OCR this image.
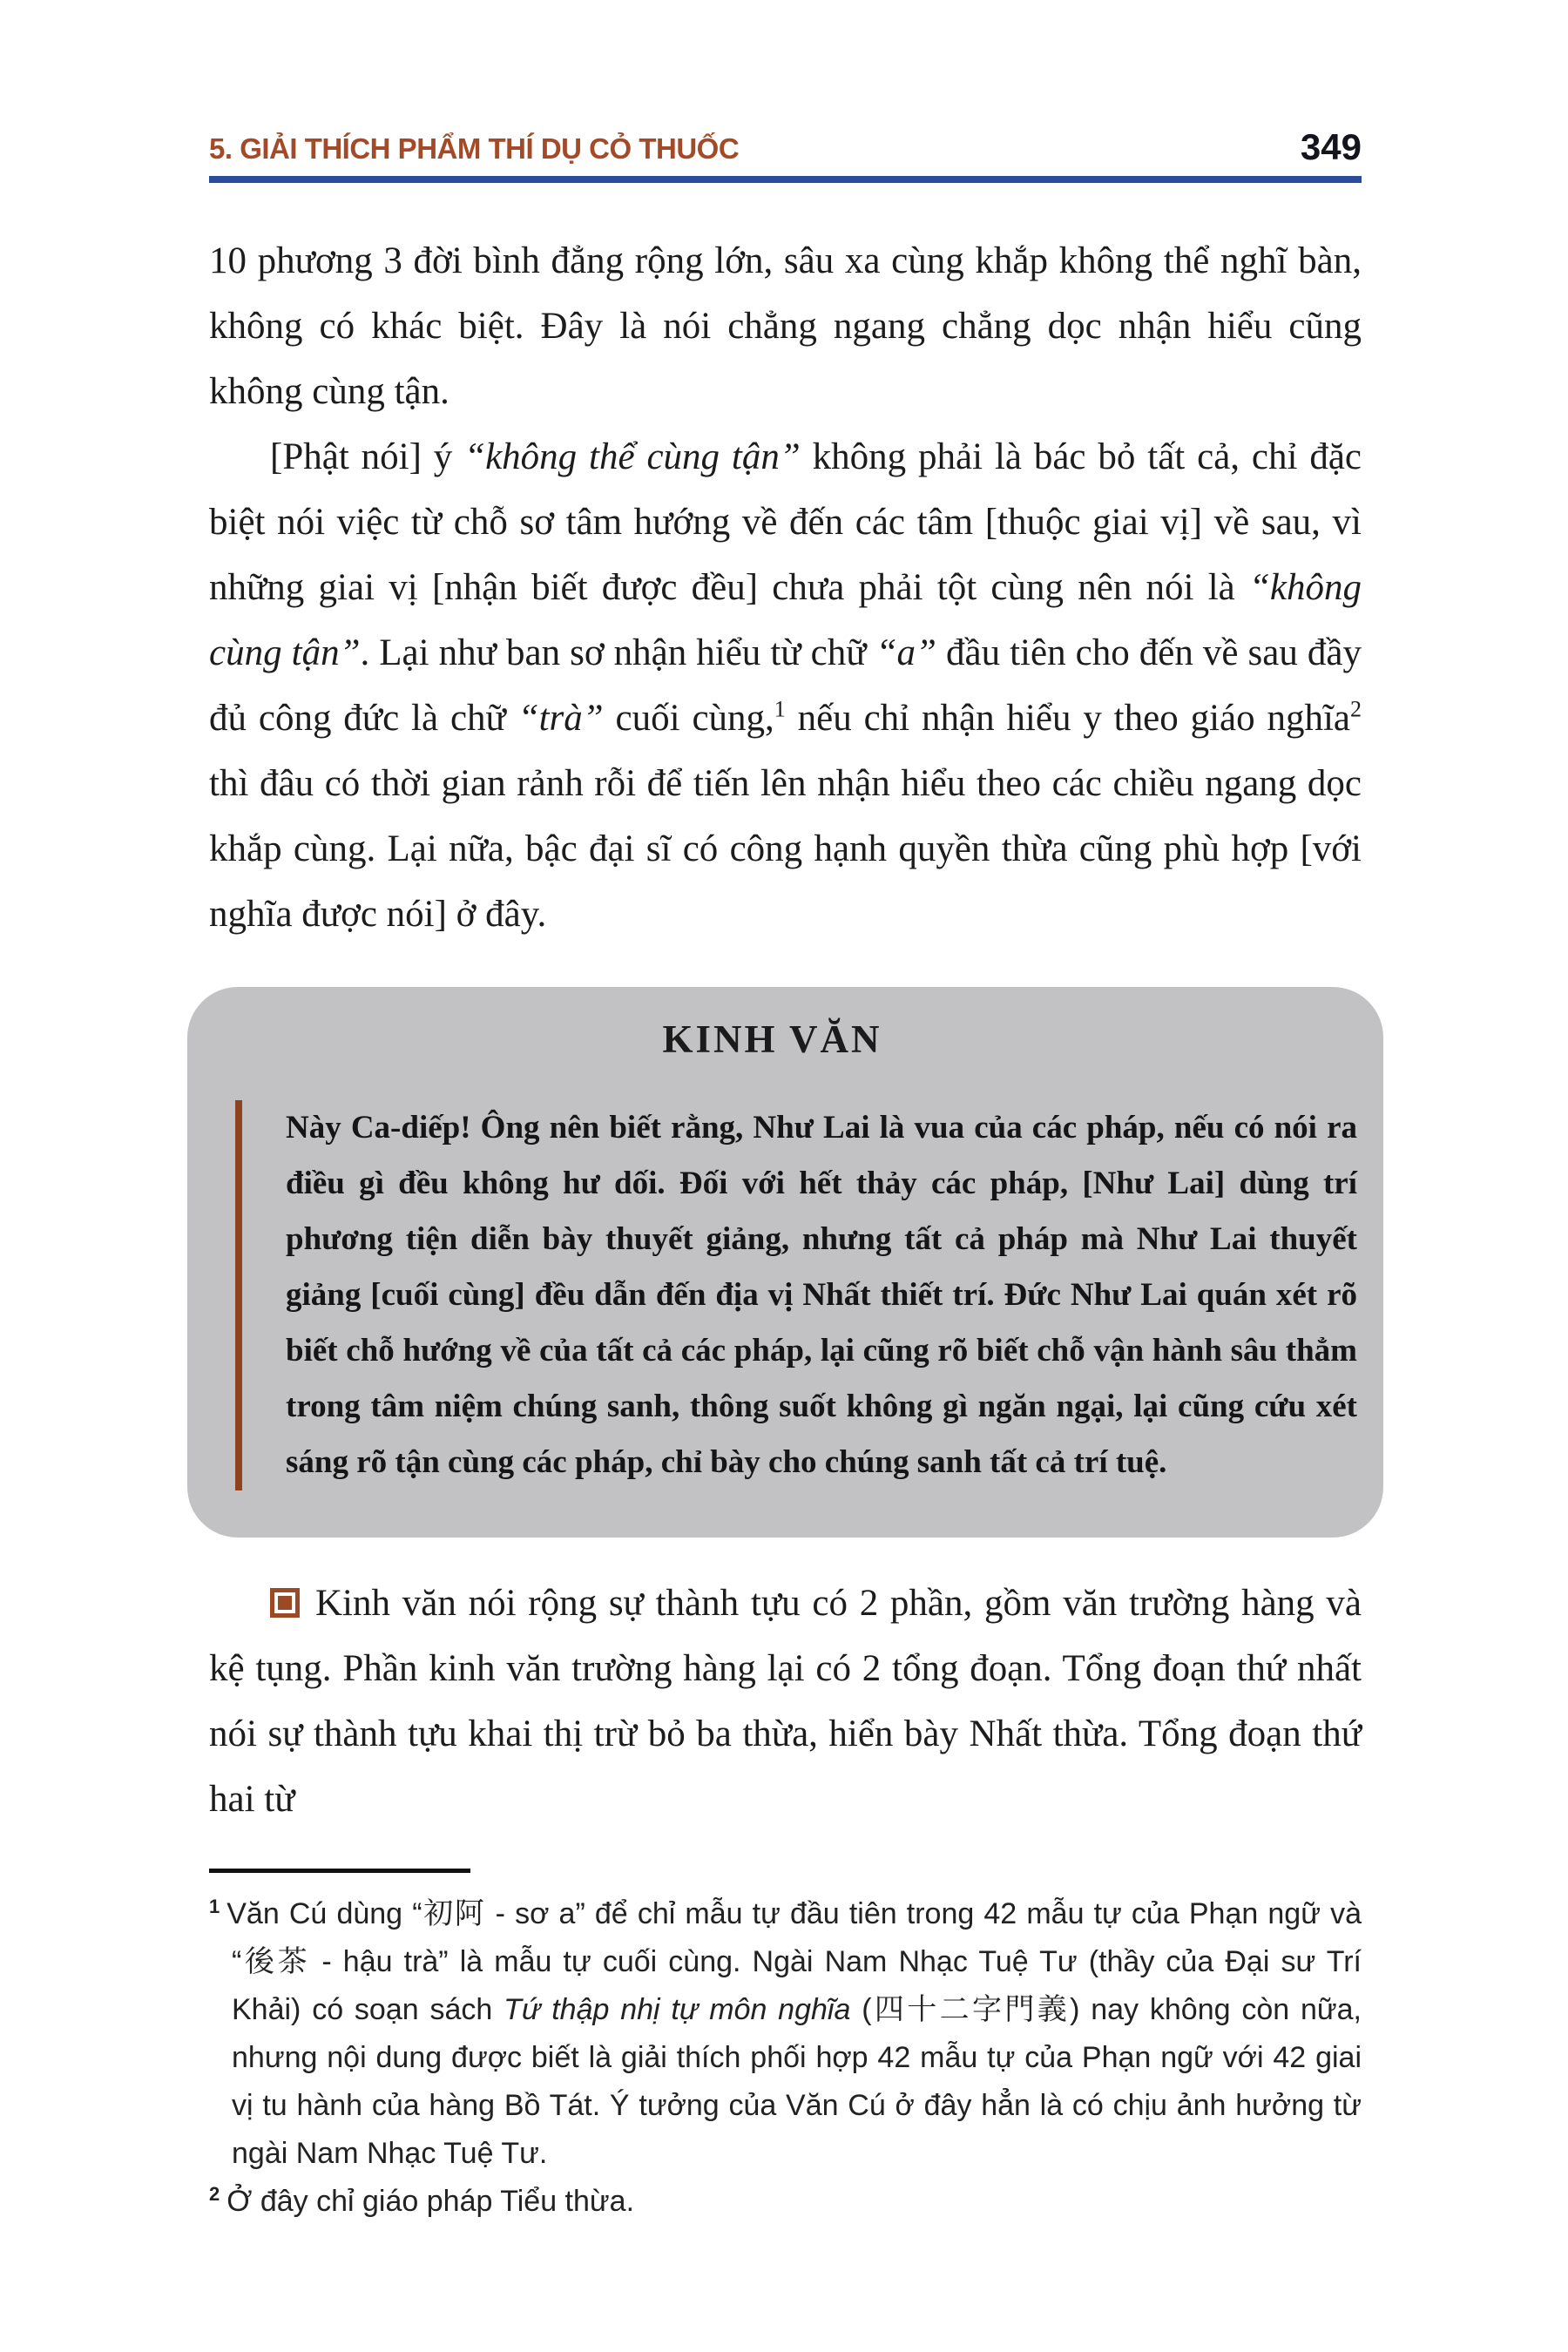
5. GIẢI THÍCH PHẨM THÍ DỤ CỎ THUỐC	349
10 phương 3 đời bình đẳng rộng lớn, sâu xa cùng khắp không thể nghĩ bàn, không có khác biệt. Đây là nói chẳng ngang chẳng dọc nhận hiểu cũng không cùng tận.
[Phật nói] ý “không thể cùng tận” không phải là bác bỏ tất cả, chỉ đặc biệt nói việc từ chỗ sơ tâm hướng về đến các tâm [thuộc giai vị] về sau, vì những giai vị [nhận biết được đều] chưa phải tột cùng nên nói là “không cùng tận”. Lại như ban sơ nhận hiểu từ chữ “a” đầu tiên cho đến về sau đầy đủ công đức là chữ “trà” cuối cùng,$^1$ nếu chỉ nhận hiểu y theo giáo nghĩa$^2$ thì đâu có thời gian rảnh rỗi để tiến lên nhận hiểu theo các chiều ngang dọc khắp cùng. Lại nữa, bậc đại sĩ có công hạnh quyền thừa cũng phù hợp [với nghĩa được nói] ở đây.
KINH VĂN
Này Ca-diếp! Ông nên biết rằng, Như Lai là vua của các pháp, nếu có nói ra điều gì đều không hư dối. Đối với hết thảy các pháp, [Như Lai] dùng trí phương tiện diễn bày thuyết giảng, nhưng tất cả pháp mà Như Lai thuyết giảng [cuối cùng] đều dẫn đến địa vị Nhất thiết trí. Đức Như Lai quán xét rõ biết chỗ hướng về của tất cả các pháp, lại cũng rõ biết chỗ vận hành sâu thẳm trong tâm niệm chúng sanh, thông suốt không gì ngăn ngại, lại cũng cứu xét sáng rõ tận cùng các pháp, chỉ bày cho chúng sanh tất cả trí tuệ.
Kinh văn nói rộng sự thành tựu có 2 phần, gồm văn trường hàng và kệ tụng. Phần kinh văn trường hàng lại có 2 tổng đoạn. Tổng đoạn thứ nhất nói sự thành tựu khai thị trừ bỏ ba thừa, hiển bày Nhất thừa. Tổng đoạn thứ hai từ
$^1$ Văn Cú dùng “初阿 - sơ a” để chỉ mẫu tự đầu tiên trong 42 mẫu tự của Phạn ngữ và “後茶 - hậu trà” là mẫu tự cuối cùng. Ngài Nam Nhạc Tuệ Tư (thầy của Đại sư Trí Khải) có soạn sách Tứ thập nhị tự môn nghĩa (四十二字門義) nay không còn nữa, nhưng nội dung được biết là giải thích phối hợp 42 mẫu tự của Phạn ngữ với 42 giai vị tu hành của hàng Bồ Tát. Ý tưởng của Văn Cú ở đây hẳn là có chịu ảnh hưởng từ ngài Nam Nhạc Tuệ Tư.
$^2$ Ở đây chỉ giáo pháp Tiểu thừa.
